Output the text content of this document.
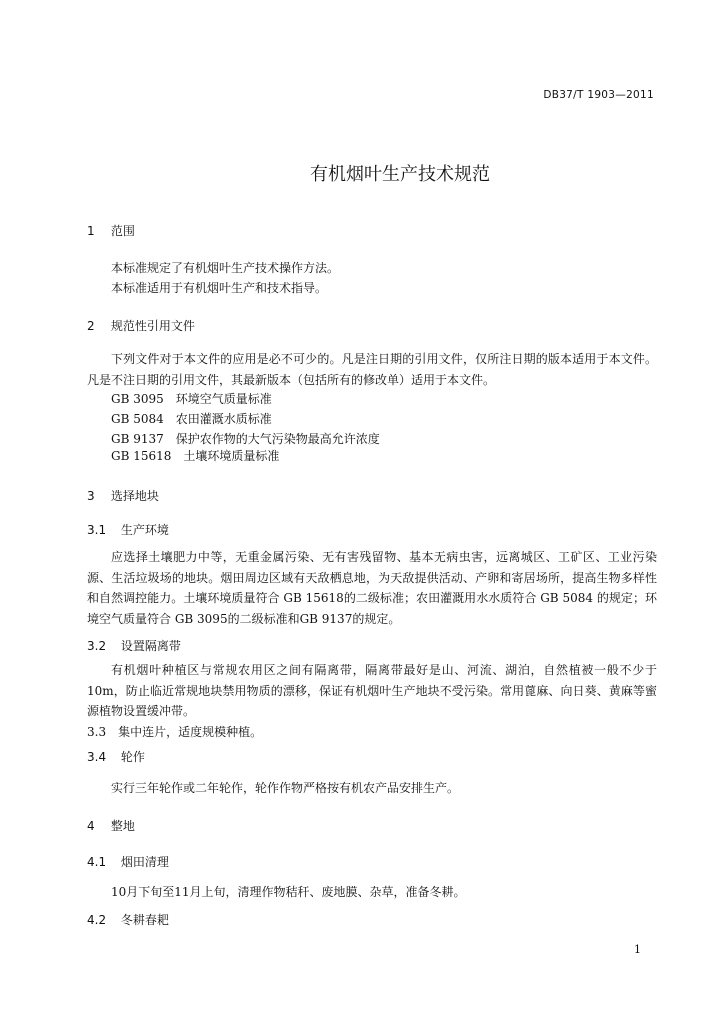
DB37/T 1903—2011
有机烟叶生产技术规范
1 范围
本标准规定了有机烟叶生产技术操作方法。
本标准适用于有机烟叶生产和技术指导。
2 规范性引用文件
下列文件对于本文件的应用是必不可少的。凡是注日期的引用文件，仅所注日期的版本适用于本文件。凡是不注日期的引用文件，其最新版本（包括所有的修改单）适用于本文件。
GB 3095　环境空气质量标准
GB 5084　农田灌溉水质标准
GB 9137　保护农作物的大气污染物最高允许浓度
GB 15618　土壤环境质量标准
3 选择地块
3.1 生产环境
应选择土壤肥力中等，无重金属污染、无有害残留物、基本无病虫害，远离城区、工矿区、工业污染源、生活垃圾场的地块。烟田周边区域有天敌栖息地，为天敌提供活动、产卵和寄居场所，提高生物多样性和自然调控能力。土壤环境质量符合 GB 15618的二级标准；农田灌溉用水水质符合 GB 5084 的规定；环境空气质量符合 GB 3095的二级标准和GB 9137的规定。
3.2 设置隔离带
有机烟叶种植区与常规农用区之间有隔离带，隔离带最好是山、河流、湖泊，自然植被一般不少于10m，防止临近常规地块禁用物质的漂移，保证有机烟叶生产地块不受污染。常用蓖麻、向日葵、黄麻等蜜源植物设置缓冲带。
3.3　集中连片，适度规模种植。
3.4 轮作
实行三年轮作或二年轮作，轮作作物严格按有机农产品安排生产。
4 整地
4.1 烟田清理
10月下旬至11月上旬，清理作物秸秆、废地膜、杂草，准备冬耕。
4.2 冬耕春耙
1
